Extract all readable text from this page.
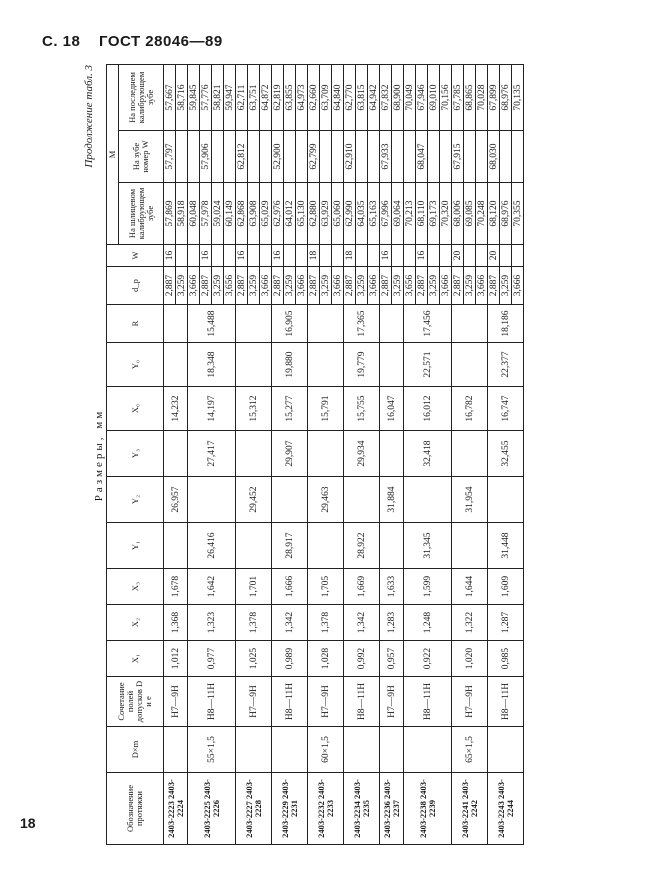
С. 18 ГОСТ 28046—89
Продолжение табл. 3
Размеры, мм
Обозначение протяжки	D×m	Сочетание полей допусков D и e	X₁	X₂	X₃	Y₁	Y₂	Y₃	X₀	Y₀	R	d_p	W	M		
														На шлицевом калибрующем зубе	На зубе номер W	На последнем калибрующем зубе
2403-2223 2403-2224		Н7—9Н	1,012	1,368	1,678		26,957		14,232			2,887	16	57,869	57,797	57,667
												3,259		58,918		58,716
2403-2225 2403-2226	55×1,5	Н8—11Н	0,977	1,323	1,642	26,416		27,417	14,197	18,348	15,488	3,666		60,048		59,845
												2,887	16	57,978	57,906	57,776
												3,259		59,024		58,821
												3,656		60,149		59,947
2403-2227 2403-2228		Н7—9Н	1,025	1,378	1,701		29,452		15,312			2,887	16	62,868	62,812	62,711
												3,259		63,908		63,751
												3,666		65,029		64,872
2403-2229 2403-2231		Н8—11Н	0,989	1,342	1,666	28,917		29,907	15,277	19,880	16,905	2,887	16	62,976	52,900	62,819
												3,259		64,012		63,855
												3,666		65,130		64,973
2403-2232 2403-2233	60×1,5	Н7—9Н	1,028	1,378	1,705		29,463		15,791			2,887	18	62,880	62,799	62,660
												3,259		63,929		63,709
												3,666		65,060		64,840
2403-2234 2403-2235		Н8—11Н	0,992	1,342	1,669	28,922		29,934	15,755	19,779	17,365	2,887	18	62,990	62,910	62,770
												3,259		64,035		63,815
												3,666		65,163		64,942
2403-2236 2403-2237		Н7—9Н	0,957	1,283	1,633		31,884		16,047			2,887	16	67,996	67,933	67,832
												3,259		69,064		68,900
2403-2238 2403-2239		Н8—11Н	0,922	1,248	1,599	31,345		32,418	16,012	22,571	17,456	3,656		70,213		70,049
												2,887	16	68,110	68,047	67,946
												3,259		69,173		69,010
												3,666		70,320		70,156
2403-2241 2403-2242	65×1,5	Н7—9Н	1,020	1,322	1,644		31,954		16,782			2,887	20	68,006	67,915	67,785
												3,259		69,085		68,865
												3,666		70,248		70,028
2403-2243 2403-2244		Н8—11Н	0,985	1,287	1,609	31,448		32,455	16,747	22,377	18,186	2,887	20	68,120	68,030	67,899
												3,259		68,976		68,976
												3,666		70,355		70,135
18
